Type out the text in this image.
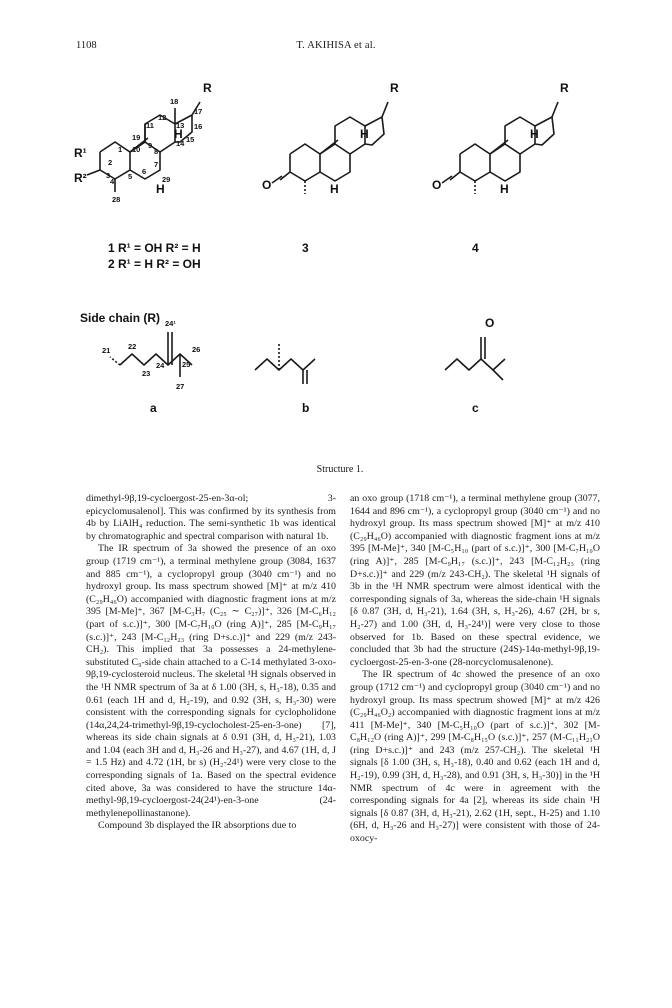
1108	T. AKIHISA et al.
R	R	R
R¹
R²
H
H
H
H
H
H
O	O
O
2
1
3
4
5
6
7
8
9
10
11
12
13
14 15
16
17
18
19
28
29
1 R¹ = OH R² = H
2 R¹ = H R² = OH
3	4
Side chain (R)
21 22
23
24
24¹
25
26
27
a	b	c
Structure 1.

dimethyl-9β,19-cycloergost-25-en-3α-ol; 3-epicyclomusalenol]. This was confirmed by its synthesis from 4b by LiAlH₄ reduction. The semi-synthetic 1b was identical by chromatographic and spectral comparison with natural 1b.

The IR spectrum of 3a showed the presence of an oxo group (1719 cm⁻¹), a terminal methylene group (3084, 1637 and 885 cm⁻¹), a cyclopropyl group (3040 cm⁻¹) and no hydroxyl group. Its mass spectrum showed [M]⁺ at m/z 410 (C₂₉H₄₆O) accompanied with diagnostic fragment ions at m/z 395 [M-Me]⁺, 367 [M-C₃H₇ (C₂₅ ∼ C₂₇)]⁺, 326 [M-C₆H₁₂ (part of s.c.)]⁺, 300 [M-C₇H₁₀O (ring A)]⁺, 285 [M-C₉H₁₇ (s.c.)]⁺, 243 [M-C₁₂H₂₃ (ring D+s.c.)]⁺ and 229 (m/z 243-CH₂). This implied that 3a possesses a 24-methylene-substituted C₉-side chain attached to a C-14 methylated 3-oxo-9β,19-cyclosteroid nucleus. The skeletal ¹H signals observed in the ¹H NMR spectrum of 3a at δ 1.00 (3H, s, H₃-18), 0.35 and 0.61 (each 1H and d, H₂-19), and 0.92 (3H, s, H₃-30) were consistent with the corresponding signals for cyclopholidone (14α,24,24-trimethyl-9β,19-cyclocholest-25-en-3-one) [7], whereas its side chain signals at δ 0.91 (3H, d, H₃-21), 1.03 and 1.04 (each 3H and d, H₃-26 and H₃-27), and 4.67 (1H, d, J = 1.5 Hz) and 4.72 (1H, br s) (H₂-24¹) were very close to the corresponding signals of 1a. Based on the spectral evidence cited above, 3a was considered to have the structure 14α-methyl-9β,19-cycloergost-24(24¹)-en-3-one (24-methylenepollinastanone).

Compound 3b displayed the IR absorptions due to

an oxo group (1718 cm⁻¹), a terminal methylene group (3077, 1644 and 896 cm⁻¹), a cyclopropyl group (3040 cm⁻¹) and no hydroxyl group. Its mass spectrum showed [M]⁺ at m/z 410 (C₂₉H₄₆O) accompanied with diagnostic fragment ions at m/z 395 [M-Me]⁺, 340 [M-C₅H₁₀ (part of s.c.)]⁺, 300 [M-C₇H₁₀O (ring A)]⁺, 285 [M-C₉H₁₇ (s.c.)]⁺, 243 [M-C₁₂H₂₃ (ring D+s.c.)]⁺ and 229 (m/z 243-CH₂). The skeletal ¹H signals of 3b in the ¹H NMR spectrum were almost identical with the corresponding signals of 3a, whereas the side-chain ¹H signals [δ 0.87 (3H, d, H₃-21), 1.64 (3H, s, H₃-26), 4.67 (2H, br s, H₂-27) and 1.00 (3H, d, H₃-24¹)] were very close to those observed for 1b. Based on these spectral evidence, we concluded that 3b had the structure (24S)-14α-methyl-9β,19-cycloergost-25-en-3-one (28-norcyclomusalenone).

The IR spectrum of 4c showed the presence of an oxo group (1712 cm⁻¹) and cyclopropyl group (3040 cm⁻¹) and no hydroxyl group. Its mass spectrum showed [M]⁺ at m/z 426 (C₂₉H₄₆O₂) accompanied with diagnostic fragment ions at m/z 411 [M-Me]⁺, 340 [M-C₅H₁₀O (part of s.c.)]⁺, 302 [M-C₈H₁₂O (ring A)]⁺, 299 [M-C₈H₁₅O (s.c.)]⁺, 257 (M-C₁₁H₂₁O (ring D+s.c.)]⁺ and 243 (m/z 257-CH₂). The skeletal ¹H signals [δ 1.00 (3H, s, H₃-18), 0.40 and 0.62 (each 1H and d, H₂-19), 0.99 (3H, d, H₃-28), and 0.91 (3H, s, H₃-30)] in the ¹H NMR spectrum of 4c were in agreement with the corresponding signals for 4a [2], whereas its side chain ¹H signals [δ 0.87 (3H, d, H₃-21), 2.62 (1H, sept., H-25) and 1.10 (6H, d, H₃-26 and H₃-27)] were consistent with those of 24-oxocy-
